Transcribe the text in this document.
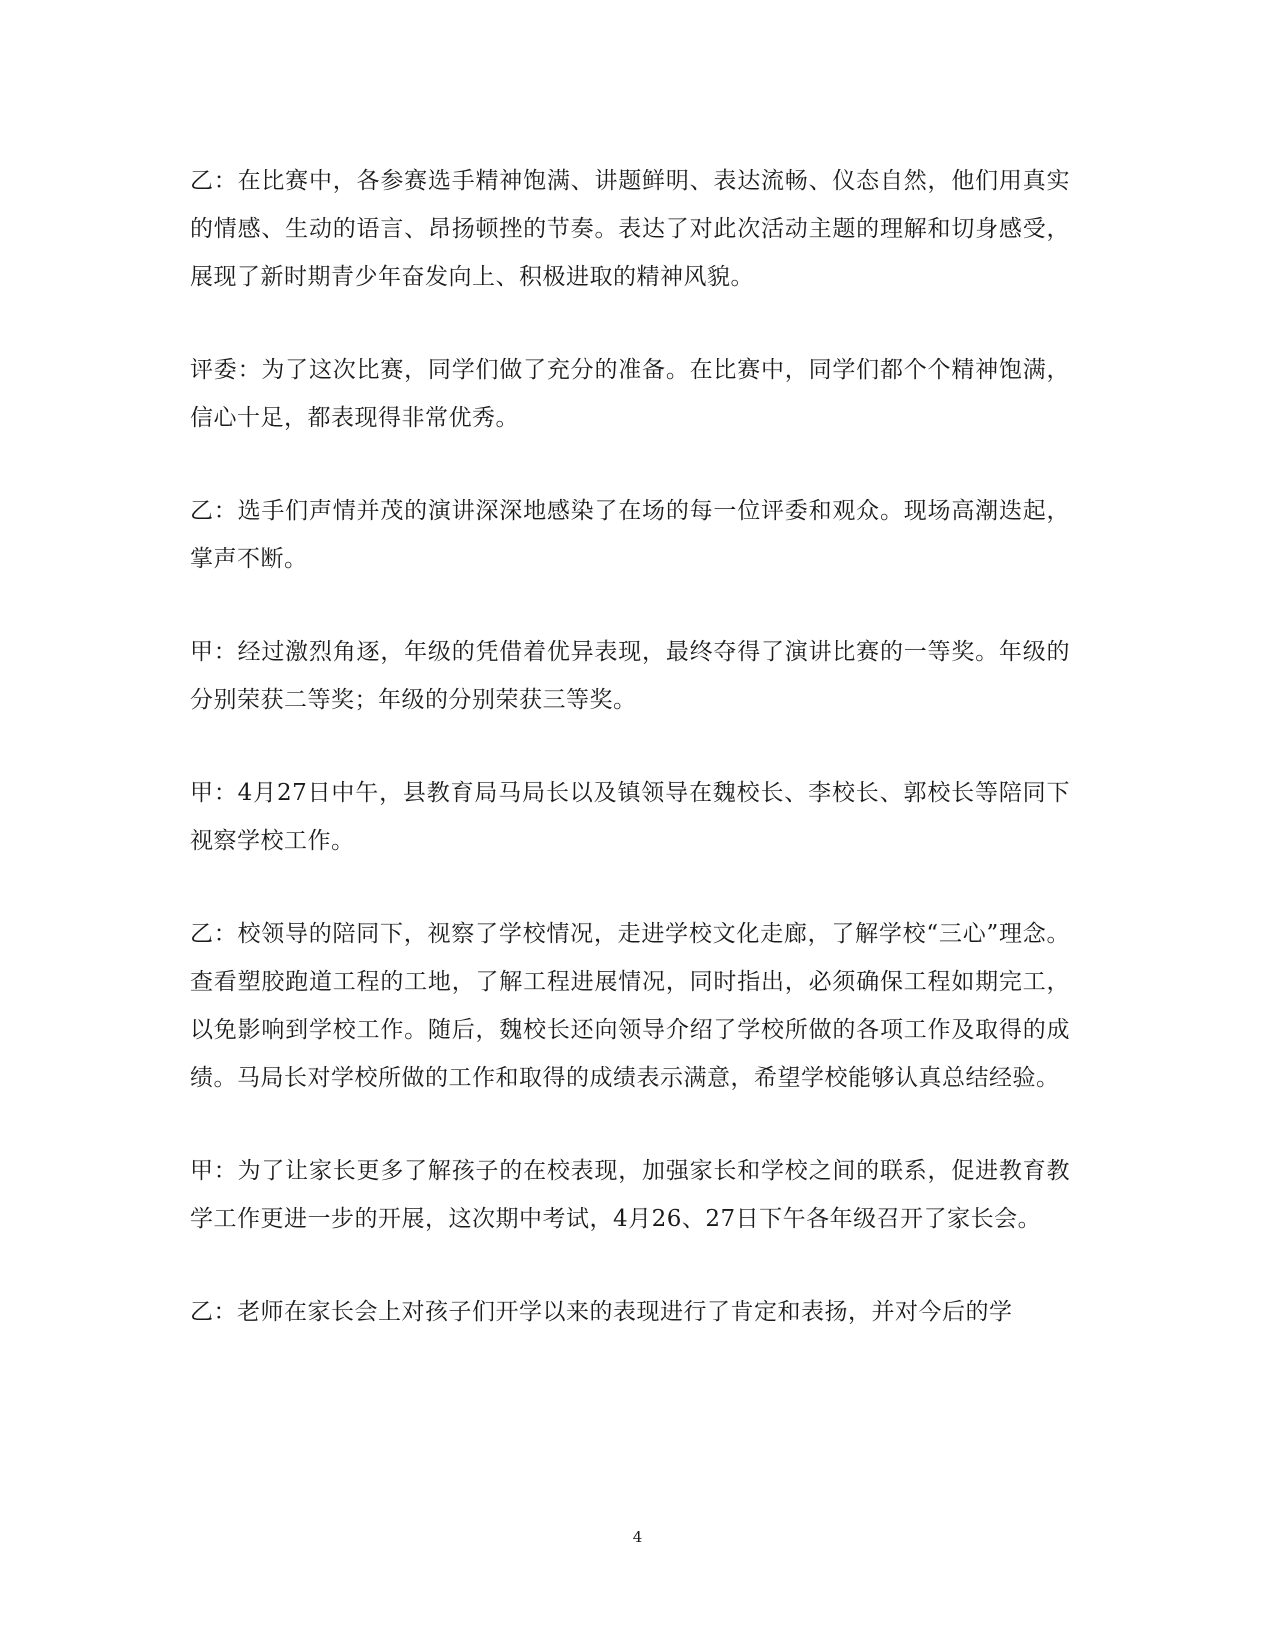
乙：在比赛中，各参赛选手精神饱满、讲题鲜明、表达流畅、仪态自然，他们用真实的情感、生动的语言、昂扬顿挫的节奏。表达了对此次活动主题的理解和切身感受，展现了新时期青少年奋发向上、积极进取的精神风貌。

评委：为了这次比赛，同学们做了充分的准备。在比赛中，同学们都个个精神饱满，信心十足，都表现得非常优秀。

乙：选手们声情并茂的演讲深深地感染了在场的每一位评委和观众。现场高潮迭起，掌声不断。

甲：经过激烈角逐，年级的凭借着优异表现，最终夺得了演讲比赛的一等奖。年级的分别荣获二等奖；年级的分别荣获三等奖。

甲：4月27日中午，县教育局马局长以及镇领导在魏校长、李校长、郭校长等陪同下视察学校工作。

乙：校领导的陪同下，视察了学校情况，走进学校文化走廊，了解学校“三心”理念。查看塑胶跑道工程的工地，了解工程进展情况，同时指出，必须确保工程如期完工，以免影响到学校工作。随后，魏校长还向领导介绍了学校所做的各项工作及取得的成绩。马局长对学校所做的工作和取得的成绩表示满意，希望学校能够认真总结经验。

甲：为了让家长更多了解孩子的在校表现，加强家长和学校之间的联系，促进教育教学工作更进一步的开展，这次期中考试，4月26、27日下午各年级召开了家长会。

乙：老师在家长会上对孩子们开学以来的表现进行了肯定和表扬，并对今后的学

4
